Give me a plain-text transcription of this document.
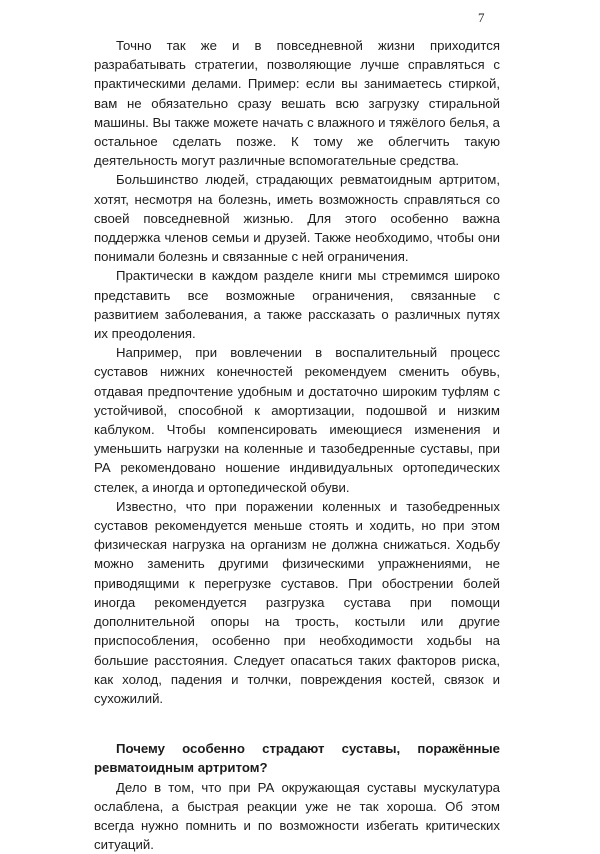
7

Точно так же и в повседневной жизни приходится разрабатывать стратегии, позволяющие лучше справляться с практическими делами. Пример: если вы занимаетесь стиркой, вам не обязательно сразу вешать всю загрузку стиральной машины. Вы также можете начать с влажного и тяжёлого белья, а остальное сделать позже. К тому же облегчить такую деятельность могут различные вспомогательные средства.

Большинство людей, страдающих ревматоидным артритом, хотят, несмотря на болезнь, иметь возможность справляться со своей повседневной жизнью. Для этого особенно важна поддержка членов семьи и друзей. Также необходимо, чтобы они понимали болезнь и связанные с ней ограничения.

Практически в каждом разделе книги мы стремимся широко представить все возможные ограничения, связанные с развитием заболевания, а также рассказать о различных путях их преодоления.

Например, при вовлечении в воспалительный процесс суставов нижних конечностей рекомендуем сменить обувь, отдавая предпочтение удобным и достаточно широким туфлям с устойчивой, способной к амортизации, подошвой и низким каблуком. Чтобы компенсировать имеющиеся изменения и уменьшить нагрузки на коленные и тазобедренные суставы, при РА рекомендовано ношение индивидуальных ортопедических стелек, а иногда и ортопедической обуви.

Известно, что при поражении коленных и тазобедренных суставов рекомендуется меньше стоять и ходить, но при этом физическая нагрузка на организм не должна снижаться. Ходьбу можно заменить другими физическими упражнениями, не приводящими к перегрузке суставов. При обострении болей иногда рекомендуется разгрузка сустава при помощи дополнительной опоры на трость, костыли или другие приспособления, особенно при необходимости ходьбы на большие расстояния. Следует опасаться таких факторов риска, как холод, падения и толчки, повреждения костей, связок и сухожилий.

Почему особенно страдают суставы, поражённые ревматоидным артритом?

Дело в том, что при РА окружающая суставы мускулатура ослаблена, а быстрая реакции уже не так хороша. Об этом всегда нужно помнить и по возможности избегать критических ситуаций.
